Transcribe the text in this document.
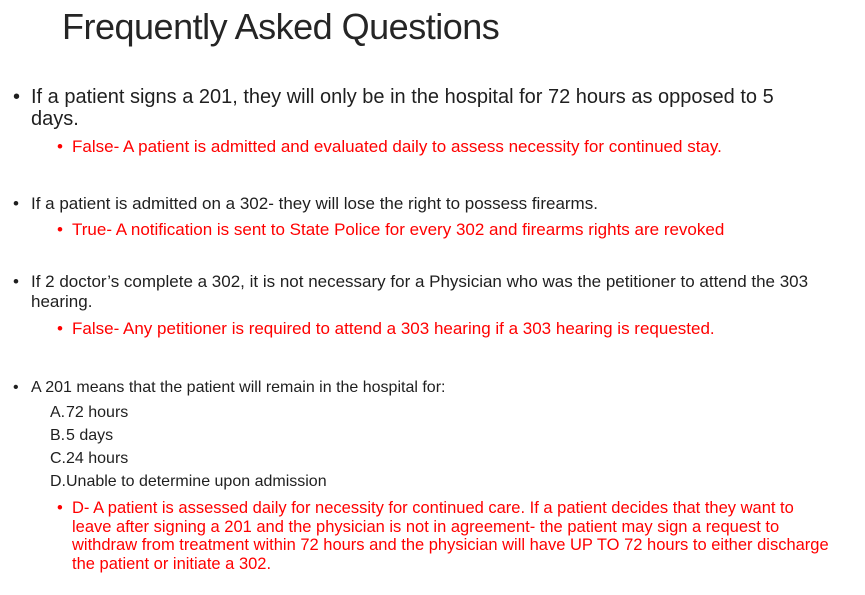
Frequently Asked Questions
• If a patient signs a 201, they will only be in the hospital for 72 hours as opposed to 5 days.
• False- A patient is admitted and evaluated daily to assess necessity for continued stay.
• If a patient is admitted on a 302- they will lose the right to possess firearms.
• True- A notification is sent to State Police for every 302 and firearms rights are revoked
• If 2 doctor’s complete a 302, it is not necessary for a Physician who was the petitioner to attend the 303 hearing.
• False- Any petitioner is required to attend a 303 hearing if a 303 hearing is requested.
• A 201 means that the patient will remain in the hospital for:
A. 72 hours
B. 5 days
C. 24 hours
D. Unable to determine upon admission
• D- A patient is assessed daily for necessity for continued care. If a patient decides that they want to leave after signing a 201 and the physician is not in agreement- the patient may sign a request to withdraw from treatment within 72 hours and the physician will have UP TO 72 hours to either discharge the patient or initiate a 302.
